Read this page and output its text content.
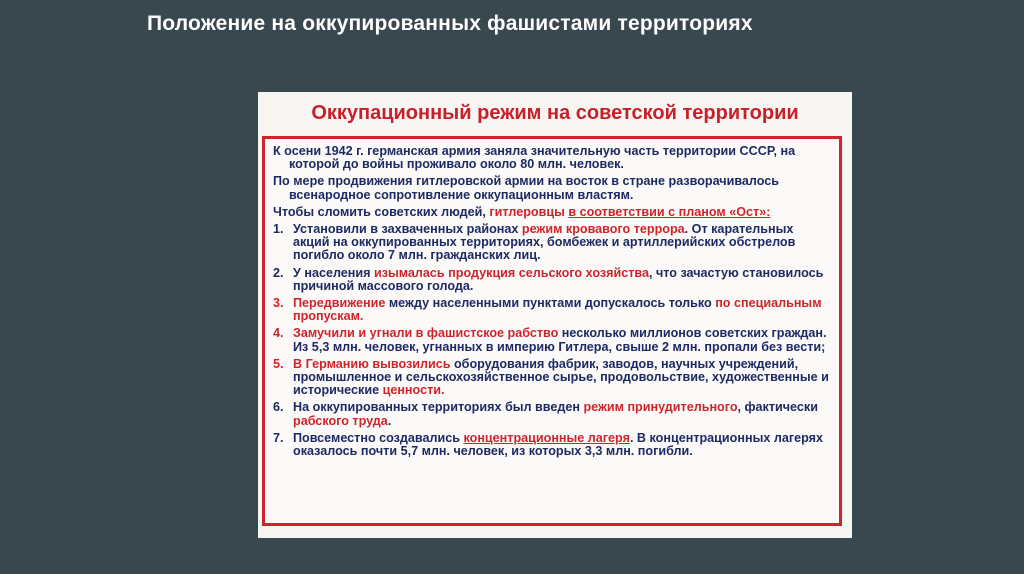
Положение на оккупированных фашистами территориях
Оккупационный режим на советской территории

К осени 1942 г. германская армия заняла значительную часть территории СССР, на которой до войны проживало около 80 млн. человек.

По мере продвижения гитлеровской армии на восток в стране разворачивалось всенародное сопротивление оккупационным властям.

Чтобы сломить советских людей, гитлеровцы в соответствии с планом «Ост»:

1. Установили в захваченных районах режим кровавого террора. От карательных акций на оккупированных территориях, бомбежек и артиллерийских обстрелов погибло около 7 млн. гражданских лиц.
2. У населения изымалась продукция сельского хозяйства, что зачастую становилось причиной массового голода.
3. Передвижение между населенными пунктами допускалось только по специальным пропускам.
4. Замучили и угнали в фашистское рабство несколько миллионов советских граждан. Из 5,3 млн. человек, угнанных в империю Гитлера, свыше 2 млн. пропали без вести;
5. В Германию вывозились оборудования фабрик, заводов, научных учреждений, промышленное и сельскохозяйственное сырье, продовольствие, художественные и исторические ценности.
6. На оккупированных территориях был введен режим принудительного, фактически рабского труда.
7. Повсеместно создавались концентрационные лагеря. В концентрационных лагерях оказалось почти 5,7 млн. человек, из которых 3,3 млн. погибли.
